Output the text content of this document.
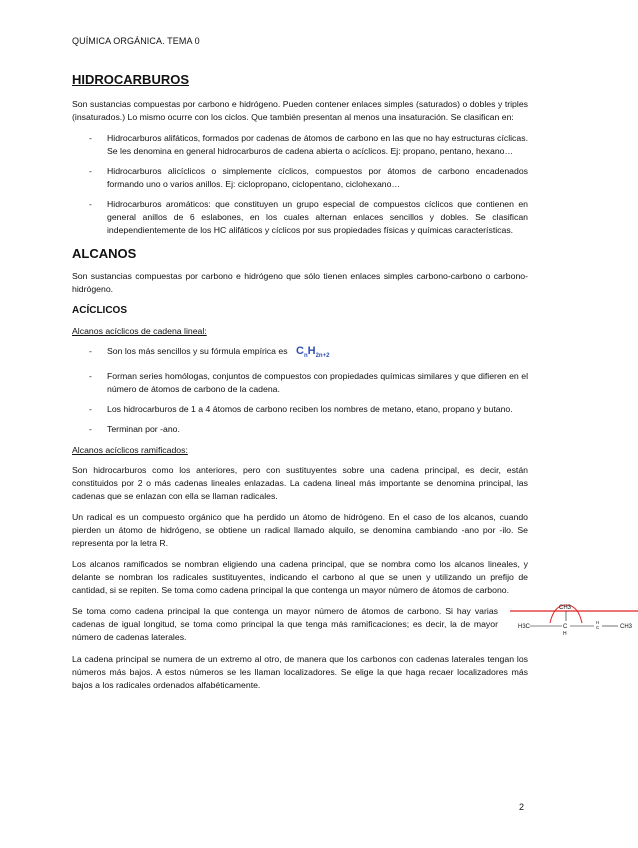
QUÍMICA ORGÁNICA. TEMA 0
HIDROCARBUROS

Son sustancias compuestas por carbono e hidrógeno. Pueden contener enlaces simples (saturados) o dobles y triples (insaturados.) Lo mismo ocurre con los ciclos. Que también presentan al menos una insaturación. Se clasifican en:

- Hidrocarburos alifáticos, formados por cadenas de átomos de carbono en las que no hay estructuras cíclicas. Se les denomina en general hidrocarburos de cadena abierta o acíclicos. Ej: propano, pentano, hexano…
- Hidrocarburos alicíclicos o simplemente cíclicos, compuestos por átomos de carbono encadenados formando uno o varios anillos. Ej: ciclopropano, ciclopentano, ciclohexano…
- Hidrocarburos aromáticos: que constituyen un grupo especial de compuestos cíclicos que contienen en general anillos de 6 eslabones, en los cuales alternan enlaces sencillos y dobles. Se clasifican independientemente de los HC alifáticos y cíclicos por sus propiedades físicas y químicas características.
ALCANOS

Son sustancias compuestas por carbono e hidrógeno que sólo tienen enlaces simples carbono-carbono o carbono-hidrógeno.

ACÍCLICOS
Alcanos acíclicos de cadena lineal:
- Son los más sencillos y su fórmula empírica es $C_nH_{2n+2}$
- Forman series homólogas, conjuntos de compuestos con propiedades químicas similares y que difieren en el número de átomos de carbono de la cadena.
- Los hidrocarburos de 1 a 4 átomos de carbono reciben los nombres de metano, etano, propano y butano.
- Terminan por -ano.
Alcanos acíclicos ramificados:

Son hidrocarburos como los anteriores, pero con sustituyentes sobre una cadena principal, es decir, están constituidos por 2 o más cadenas lineales enlazadas. La cadena lineal más importante se denomina principal, las cadenas que se enlazan con ella se llaman radicales.

Un radical es un compuesto orgánico que ha perdido un átomo de hidrógeno. En el caso de los alcanos, cuando pierden un átomo de hidrógeno, se obtiene un radical llamado alquilo, se denomina cambiando -ano por -ilo. Se representa por la letra R.

Los alcanos ramificados se nombran eligiendo una cadena principal, que se nombra como los alcanos lineales, y delante se nombran los radicales sustituyentes, indicando el carbono al que se unen y utilizando un prefijo de cantidad, si se repiten. Se toma como cadena principal la que contenga un mayor número de átomos de carbono.

Se toma como cadena principal la que contenga un mayor número de átomos de carbono. Si hay varias cadenas de igual longitud, se toma como principal la que tenga más ramificaciones; es decir, la de mayor número de cadenas laterales.

CH3
H3C	C
H
H
C	CH3

La cadena principal se numera de un extremo al otro, de manera que los carbonos con cadenas laterales tengan los números más bajos. A estos números se les llaman localizadores. Se elige la que haga recaer localizadores más bajos a los radicales ordenados alfabéticamente.

2
